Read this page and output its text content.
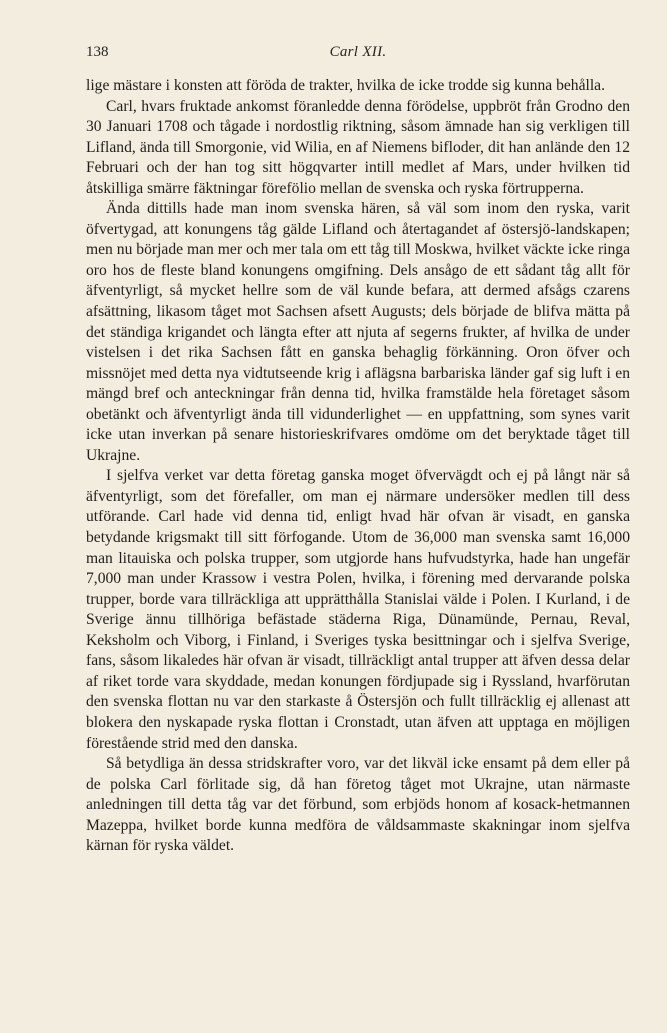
138	Carl XII.

lige mästare i konsten att föröda de trakter, hvilka de icke trodde sig kunna behålla.

Carl, hvars fruktade ankomst föranledde denna förödelse, uppbröt från Grodno den 30 Januari 1708 och tågade i nordostlig riktning, såsom ämnade han sig verkligen till Lifland, ända till Smorgonie, vid Wilia, en af Niemens bifloder, dit han anlände den 12 Februari och der han tog sitt högqvarter intill medlet af Mars, under hvilken tid åtskilliga smärre fäktningar förefölio mellan de svenska och ryska förtrupperna.

Ända dittills hade man inom svenska hären, så väl som inom den ryska, varit öfvertygad, att konungens tåg gälde Lifland och återtagandet af östersjö-landskapen; men nu började man mer och mer tala om ett tåg till Moskwa, hvilket väckte icke ringa oro hos de fleste bland konungens omgifning. Dels ansågo de ett sådant tåg allt för äfventyrligt, så mycket hellre som de väl kunde befara, att dermed afsågs czarens afsättning, likasom tåget mot Sachsen afsett Augusts; dels började de blifva mätta på det ständiga krigandet och längta efter att njuta af segerns frukter, af hvilka de under vistelsen i det rika Sachsen fått en ganska behaglig förkänning. Oron öfver och missnöjet med detta nya vidtutseende krig i aflägsna barbariska länder gaf sig luft i en mängd bref och anteckningar från denna tid, hvilka framstälde hela företaget såsom obetänkt och äfventyrligt ända till vidunderlighet — en uppfattning, som synes varit icke utan inverkan på senare historieskrifvares omdöme om det beryktade tåget till Ukrajne.

I sjelfva verket var detta företag ganska moget öfvervägdt och ej på långt när så äfventyrligt, som det förefaller, om man ej närmare undersöker medlen till dess utförande. Carl hade vid denna tid, enligt hvad här ofvan är visadt, en ganska betydande krigsmakt till sitt förfogande. Utom de 36,000 man svenska samt 16,000 man litauiska och polska trupper, som utgjorde hans hufvudstyrka, hade han ungefär 7,000 man under Krassow i vestra Polen, hvilka, i förening med dervarande polska trupper, borde vara tillräckliga att upprätthålla Stanislai välde i Polen. I Kurland, i de Sverige ännu tillhöriga befästade städerna Riga, Dünamünde, Pernau, Reval, Keksholm och Viborg, i Finland, i Sveriges tyska besittningar och i sjelfva Sverige, fans, såsom likaledes här ofvan är visadt, tillräckligt antal trupper att äfven dessa delar af riket torde vara skyddade, medan konungen fördjupade sig i Ryssland, hvarförutan den svenska flottan nu var den starkaste å Östersjön och fullt tillräcklig ej allenast att blokera den nyskapade ryska flottan i Cronstadt, utan äfven att upptaga en möjligen förestående strid med den danska.

Så betydliga än dessa stridskrafter voro, var det likväl icke ensamt på dem eller på de polska Carl förlitade sig, då han företog tåget mot Ukrajne, utan närmaste anledningen till detta tåg var det förbund, som erbjöds honom af kosack-hetmannen Mazeppa, hvilket borde kunna medföra de våldsammaste skakningar inom sjelfva kärnan för ryska väldet.
